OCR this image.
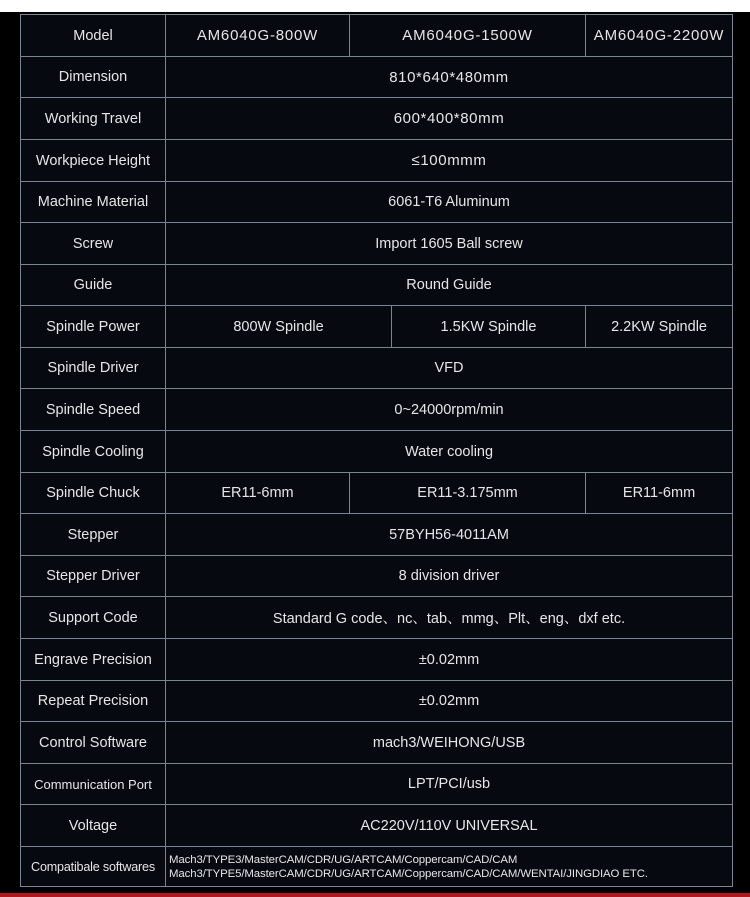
Model	AM6040G-800W	AM6040G-1500W		AM6040G-2200W
Dimension	810*640*480mm			
Working Travel	600*400*80mm			
Workpiece Height	≤100mmm			
Machine Material	6061-T6 Aluminum			
Screw	Import 1605 Ball screw			
Guide	Round Guide			
Spindle Power	800W Spindle		1.5KW Spindle	2.2KW Spindle
Spindle Driver	VFD			
Spindle Speed	0~24000rpm/min			
Spindle Cooling	Water cooling			
Spindle Chuck	ER11-6mm	ER11-3.175mm		ER11-6mm
Stepper	57BYH56-4011AM			
Stepper Driver	8 division driver			
Support Code	Standard G code、nc、tab、mmg、Plt、eng、dxf etc.			
Engrave Precision	±0.02mm			
Repeat Precision	±0.02mm			
Control Software	mach3/WEIHONG/USB			
Communication Port	LPT/PCI/usb			
Voltage	AC220V/110V UNIVERSAL			
Compatibale softwares	Mach3/TYPE3/MasterCAM/CDR/UG/ARTCAM/Coppercam/CAD/CAM
Mach3/TYPE5/MasterCAM/CDR/UG/ARTCAM/Coppercam/CAD/CAM/WENTAI/JINGDIAO ETC.			
